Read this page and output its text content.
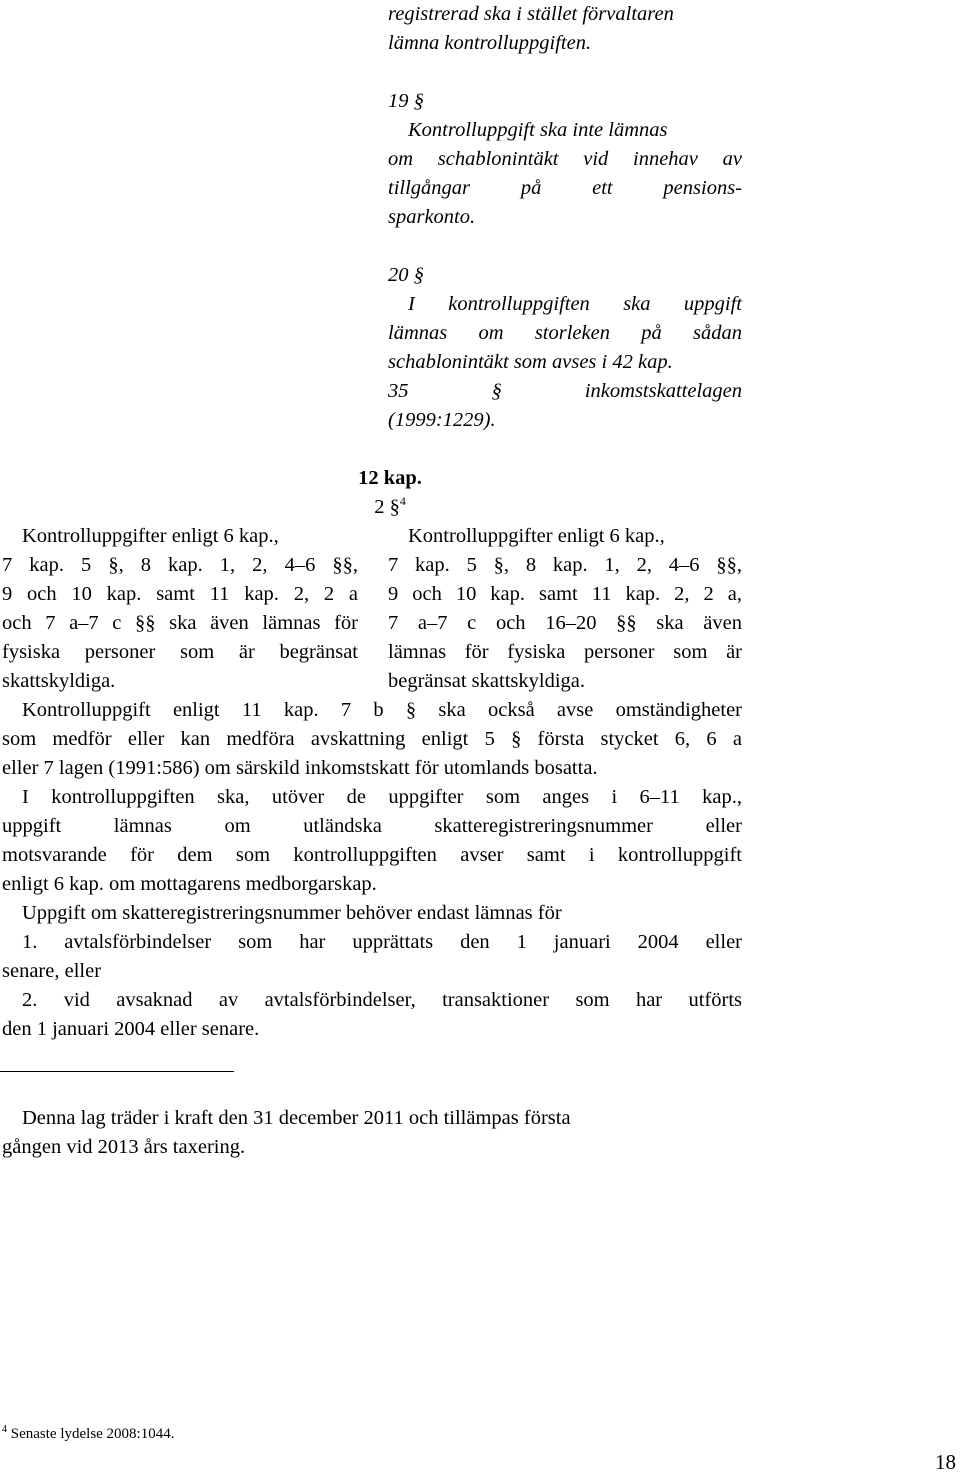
registrerad ska i stället förvaltaren
lämna kontrolluppgiften.
19 §
Kontrolluppgift ska inte lämnas
om schablonintäkt vid innehav av
tillgångar på ett pensions-
sparkonto.
20 §
I kontrolluppgiften ska uppgift
lämnas om storleken på sådan
schablonintäkt som avses i 42 kap.
35 § inkomstskattelagen
(1999:1229).
12 kap.
2 §$^4$
Kontrolluppgifter enligt 6 kap.,
7 kap. 5 §, 8 kap. 1, 2, 4–6 §§,
9 och 10 kap. samt 11 kap. 2, 2 a
och 7 a–7 c §§ ska även lämnas för
fysiska personer som är begränsat
skattskyldiga.
Kontrolluppgifter enligt 6 kap.,
7 kap. 5 §, 8 kap. 1, 2, 4–6 §§,
9 och 10 kap. samt 11 kap. 2, 2 a,
7 a–7 c och 16–20 §§ ska även
lämnas för fysiska personer som är
begränsat skattskyldiga.
Kontrolluppgift enligt 11 kap. 7 b § ska också avse omständigheter
som medför eller kan medföra avskattning enligt 5 § första stycket 6, 6 a
eller 7 lagen (1991:586) om särskild inkomstskatt för utomlands bosatta.
I kontrolluppgiften ska, utöver de uppgifter som anges i 6–11 kap.,
uppgift lämnas om utländska skatteregistreringsnummer eller
motsvarande för dem som kontrolluppgiften avser samt i kontrolluppgift
enligt 6 kap. om mottagarens medborgarskap.
Uppgift om skatteregistreringsnummer behöver endast lämnas för
1. avtalsförbindelser som har upprättats den 1 januari 2004 eller
senare, eller
2. vid avsaknad av avtalsförbindelser, transaktioner som har utförts
den 1 januari 2004 eller senare.
Denna lag träder i kraft den 31 december 2011 och tillämpas första
gången vid 2013 års taxering.
$^4$ Senaste lydelse 2008:1044.
18
